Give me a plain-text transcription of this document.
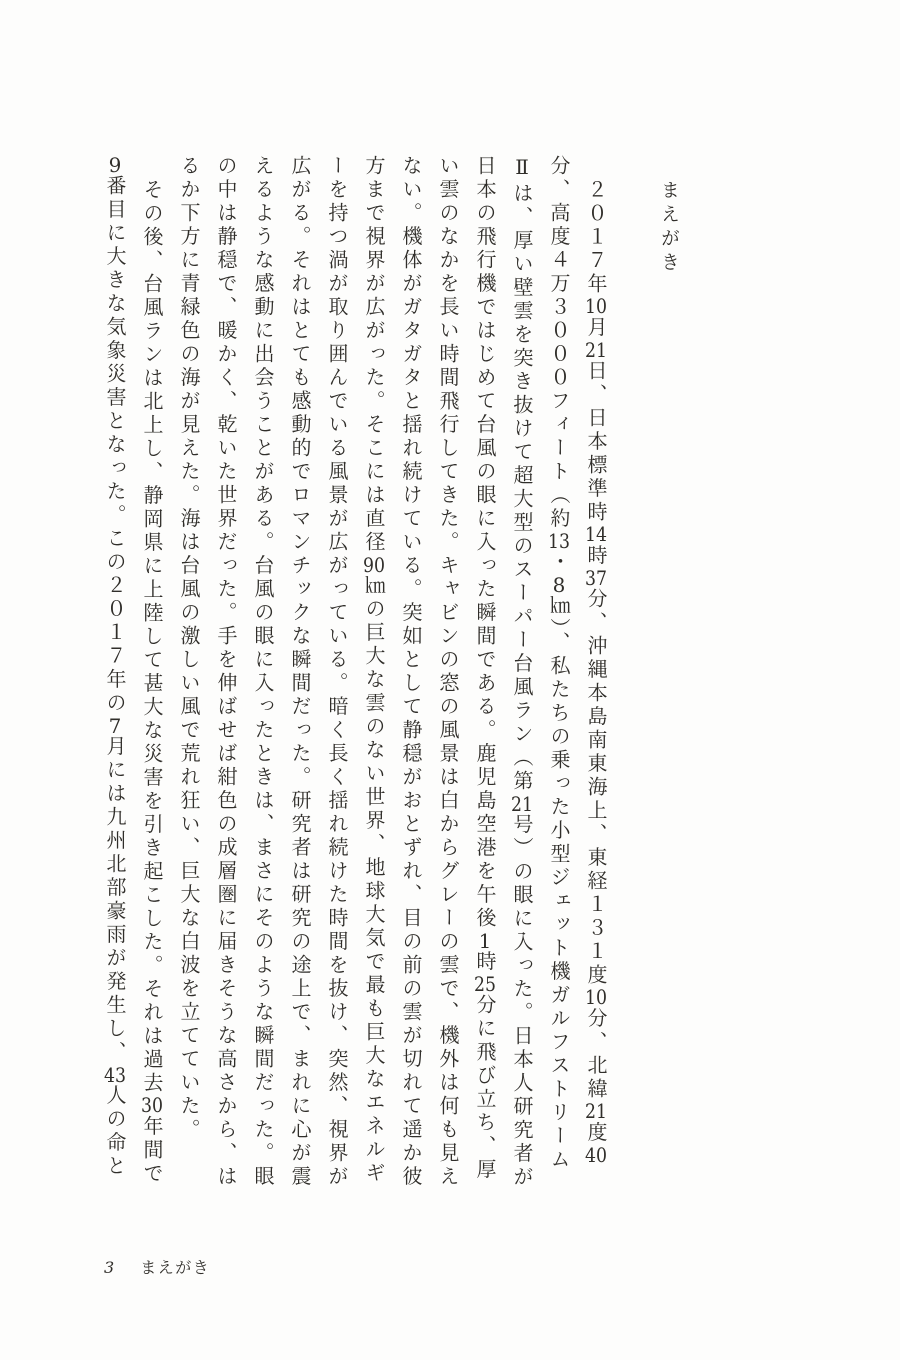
まえがき

２０１７年10月21日、日本標準時14時37分、沖縄本島南東海上、東経１３１度10分、北緯21度40分、高度４万３０００フィート（約13・8㎞）、私たちの乗った小型ジェット機ガルフストリームⅡは、厚い壁雲を突き抜けて超大型のスーパー台風ラン（第21号）の眼に入った。日本人研究者が日本の飛行機ではじめて台風の眼に入った瞬間である。鹿児島空港を午後1時25分に飛び立ち、厚い雲のなかを長い時間飛行してきた。キャビンの窓の風景は白からグレーの雲で、機外は何も見えない。機体がガタガタと揺れ続けている。突如として静穏がおとずれ、目の前の雲が切れて遥か彼方まで視界が広がった。そこには直径90㎞の巨大な雲のない世界、地球大気で最も巨大なエネルギーを持つ渦が取り囲んでいる風景が広がっている。暗く長く揺れ続けた時間を抜け、突然、視界が広がる。それはとても感動的でロマンチックな瞬間だった。研究者は研究の途上で、まれに心が震えるような感動に出会うことがある。台風の眼に入ったときは、まさにそのような瞬間だった。眼の中は静穏で、暖かく、乾いた世界だった。手を伸ばせば紺色の成層圏に届きそうな高さから、はるか下方に青緑色の海が見えた。海は台風の激しい風で荒れ狂い、巨大な白波を立てていた。

その後、台風ランは北上し、静岡県に上陸して甚大な災害を引き起こした。それは過去30年間で9番目に大きな気象災害となった。この２０１７年の7月には九州北部豪雨が発生し、43人の命と

3 まえがき
